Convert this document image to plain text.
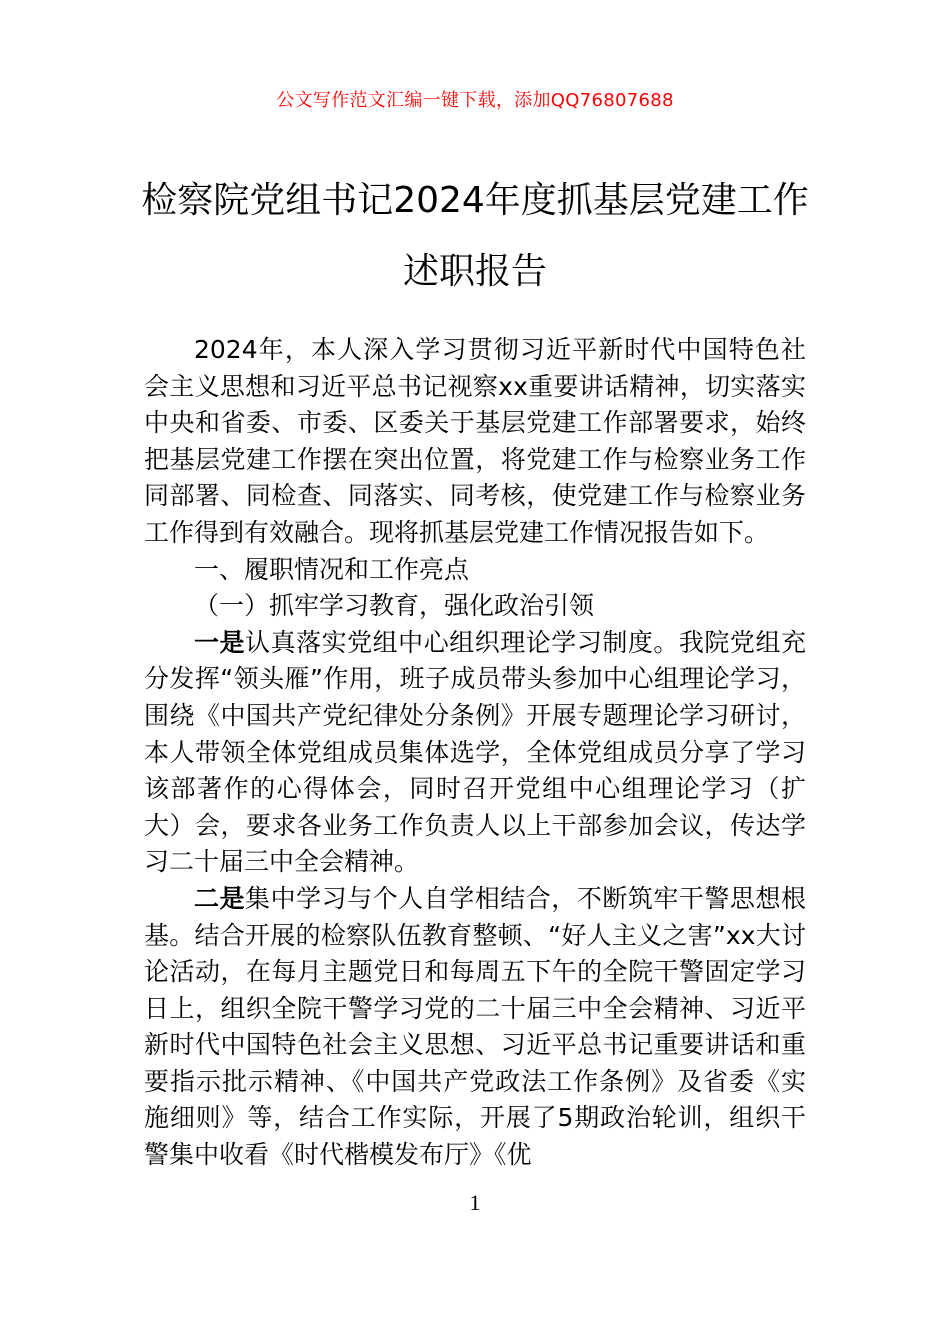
公文写作范文汇编一键下载，添加QQ76807688
检察院党组书记2024年度抓基层党建工作
述职报告

2024年，本人深入学习贯彻习近平新时代中国特色社会主义思想和习近平总书记视察xx重要讲话精神，切实落实中央和省委、市委、区委关于基层党建工作部署要求，始终把基层党建工作摆在突出位置，将党建工作与检察业务工作同部署、同检查、同落实、同考核，使党建工作与检察业务工作得到有效融合。现将抓基层党建工作情况报告如下。

一、履职情况和工作亮点

（一）抓牢学习教育，强化政治引领

一是认真落实党组中心组织理论学习制度。我院党组充分发挥“领头雁”作用，班子成员带头参加中心组理论学习，围绕《中国共产党纪律处分条例》开展专题理论学习研讨，本人带领全体党组成员集体选学，全体党组成员分享了学习该部著作的心得体会，同时召开党组中心组理论学习（扩大）会，要求各业务工作负责人以上干部参加会议，传达学习二十届三中全会精神。

二是集中学习与个人自学相结合，不断筑牢干警思想根基。结合开展的检察队伍教育整顿、“好人主义之害”xx大讨论活动，在每月主题党日和每周五下午的全院干警固定学习日上，组织全院干警学习党的二十届三中全会精神、习近平新时代中国特色社会主义思想、习近平总书记重要讲话和重要指示批示精神、《中国共产党政法工作条例》及省委《实施细则》等，结合工作实际，开展了5期政治轮训，组织干警集中收看《时代楷模发布厅》《优

1
